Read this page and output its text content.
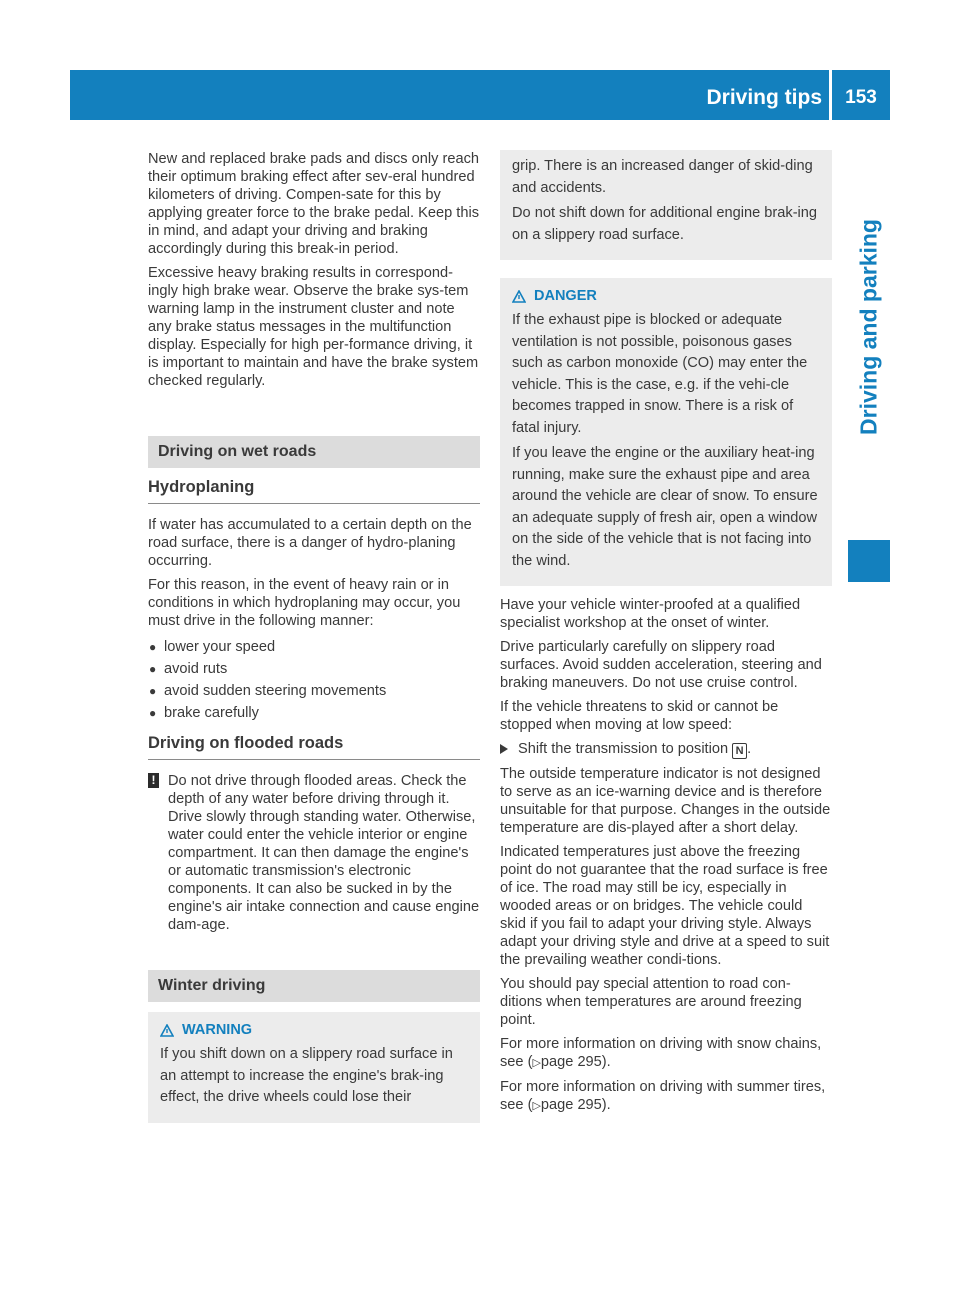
Driving tips	153
Driving and parking

New and replaced brake pads and discs only reach their optimum braking effect after sev-eral hundred kilometers of driving. Compen-sate for this by applying greater force to the brake pedal. Keep this in mind, and adapt your driving and braking accordingly during this break-in period.

Excessive heavy braking results in correspond-ingly high brake wear. Observe the brake sys-tem warning lamp in the instrument cluster and note any brake status messages in the multifunction display. Especially for high per-formance driving, it is important to maintain and have the brake system checked regularly.

Driving on wet roads
Hydroplaning

If water has accumulated to a certain depth on the road surface, there is a danger of hydro-planing occurring.

For this reason, in the event of heavy rain or in conditions in which hydroplaning may occur, you must drive in the following manner:

● lower your speed
● avoid ruts
● avoid sudden steering movements
● brake carefully
Driving on flooded roads
! Do not drive through flooded areas. Check the depth of any water before driving through it. Drive slowly through standing water. Otherwise, water could enter the vehicle interior or engine compartment. It can then damage the engine's or automatic transmission's electronic components. It can also be sucked in by the engine's air intake connection and cause engine dam-age.

Winter driving
WARNING

If you shift down on a slippery road surface in an attempt to increase the engine's brak-ing effect, the drive wheels could lose their

grip. There is an increased danger of skid-ding and accidents.

Do not shift down for additional engine brak-ing on a slippery road surface.

DANGER

If the exhaust pipe is blocked or adequate ventilation is not possible, poisonous gases such as carbon monoxide (CO) may enter the vehicle. This is the case, e.g. if the vehi-cle becomes trapped in snow. There is a risk of fatal injury.

If you leave the engine or the auxiliary heat-ing running, make sure the exhaust pipe and area around the vehicle are clear of snow. To ensure an adequate supply of fresh air, open a window on the side of the vehicle that is not facing into the wind.

Have your vehicle winter-proofed at a qualified specialist workshop at the onset of winter.

Drive particularly carefully on slippery road surfaces. Avoid sudden acceleration, steering and braking maneuvers. Do not use cruise control.

If the vehicle threatens to skid or cannot be stopped when moving at low speed:

Shift the transmission to position N .

The outside temperature indicator is not designed to serve as an ice-warning device and is therefore unsuitable for that purpose. Changes in the outside temperature are dis-played after a short delay.

Indicated temperatures just above the freezing point do not guarantee that the road surface is free of ice. The road may still be icy, especially in wooded areas or on bridges. The vehicle could skid if you fail to adapt your driving style. Always adapt your driving style and drive at a speed to suit the prevailing weather condi-tions.

You should pay special attention to road con-ditions when temperatures are around freezing point.

For more information on driving with snow chains, see (▷page 295).

For more information on driving with summer tires, see (▷page 295).
